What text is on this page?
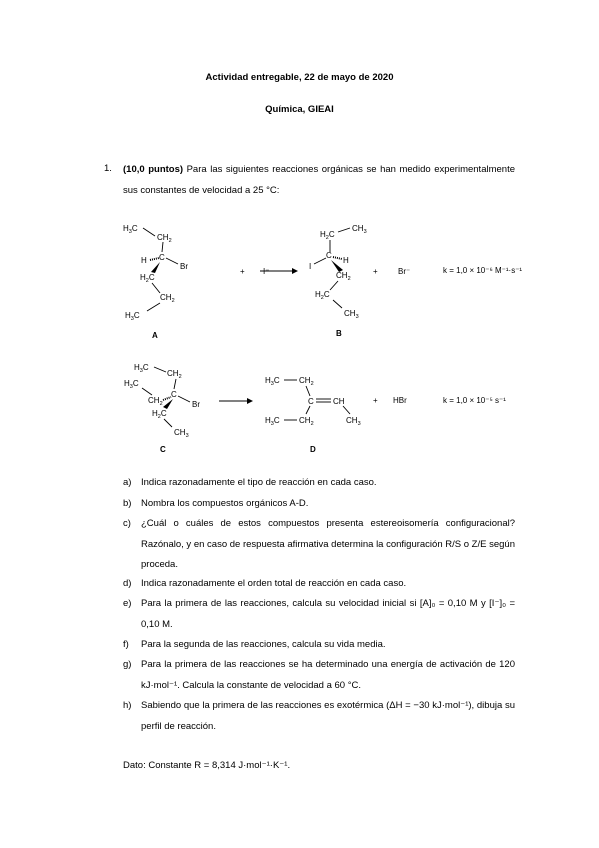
Actividad entregable, 22 de mayo de 2020
Química, GIEAI
1. (10,0 puntos) Para las siguientes reacciones orgánicas se han medido experimentalmente sus constantes de velocidad a 25 °C:
$H_3C$
$CH_2$
H C
Br
$H_2C$
$CH_2$
$H_3C$
A
+ I⁻
$H_2C$
$CH_3$
C
H
I
$CH_2$
$H_2C$
$CH_3$
B
+	Br⁻	k = 1,0 × 10⁻⁶ M⁻¹·s⁻¹
$H_3C$
$CH_2$
$H_3C$
$CH_2$
C
Br
$H_2C$
$CH_3$
C
$H_3C$ $CH_2$
C CH
$CH_3$
$H_3C$ $CH_2$
D
+ HBr	k = 1,0 × 10⁻⁵ s⁻¹
a)	Indica razonadamente el tipo de reacción en cada caso.
b)	Nombra los compuestos orgánicos A-D.
c)	¿Cuál o cuáles de estos compuestos presenta estereoisomería configuracional? Razónalo, y en caso de respuesta afirmativa determina la configuración R/S o Z/E según proceda.
d)	Indica razonadamente el orden total de reacción en cada caso.
e)	Para la primera de las reacciones, calcula su velocidad inicial si [A]₀ = 0,10 M y [I⁻]₀ = 0,10 M.
f)	Para la segunda de las reacciones, calcula su vida media.
g)	Para la primera de las reacciones se ha determinado una energía de activación de 120 kJ·mol⁻¹. Calcula la constante de velocidad a 60 °C.
h)	Sabiendo que la primera de las reacciones es exotérmica (ΔH = −30 kJ·mol⁻¹), dibuja su perfil de reacción.
Dato: Constante R = 8,314 J·mol⁻¹·K⁻¹.
